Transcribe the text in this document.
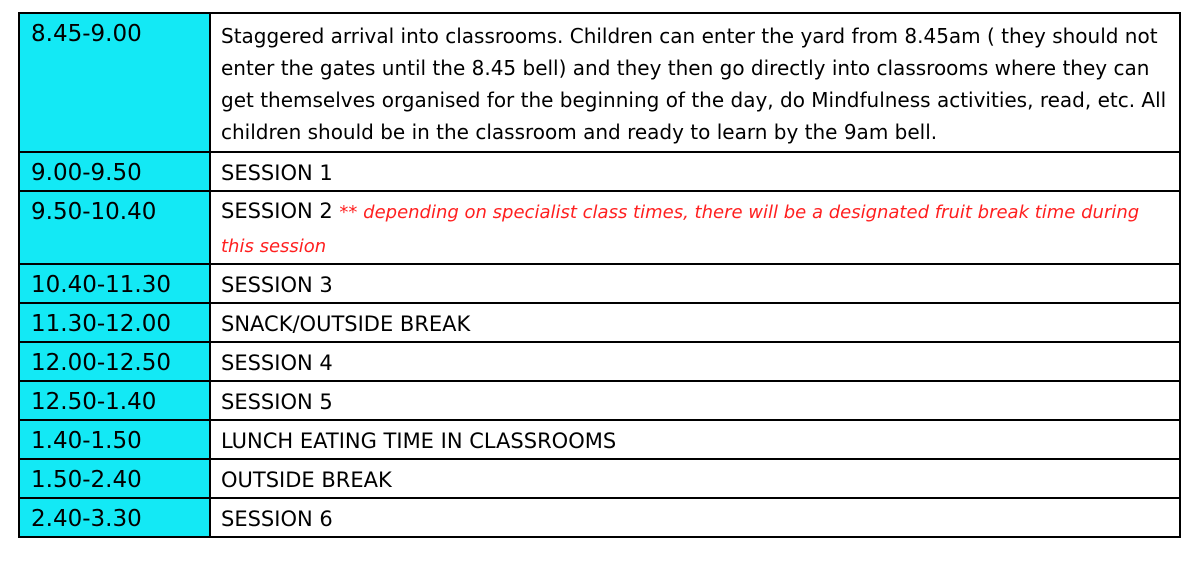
8.45-9.00	Staggered arrival into classrooms. Children can enter the yard from 8.45am ( they should not enter the gates until the 8.45 bell) and they then go directly into classrooms where they can get themselves organised for the beginning of the day, do Mindfulness activities, read, etc. All children should be in the classroom and ready to learn by the 9am bell.
9.00-9.50	SESSION 1
9.50-10.40	SESSION 2 ** depending on specialist class times, there will be a designated fruit break time during this session
10.40-11.30	SESSION 3
11.30-12.00	SNACK/OUTSIDE BREAK
12.00-12.50	SESSION 4
12.50-1.40	SESSION 5
1.40-1.50	LUNCH EATING TIME IN CLASSROOMS
1.50-2.40	OUTSIDE BREAK
2.40-3.30	SESSION 6
